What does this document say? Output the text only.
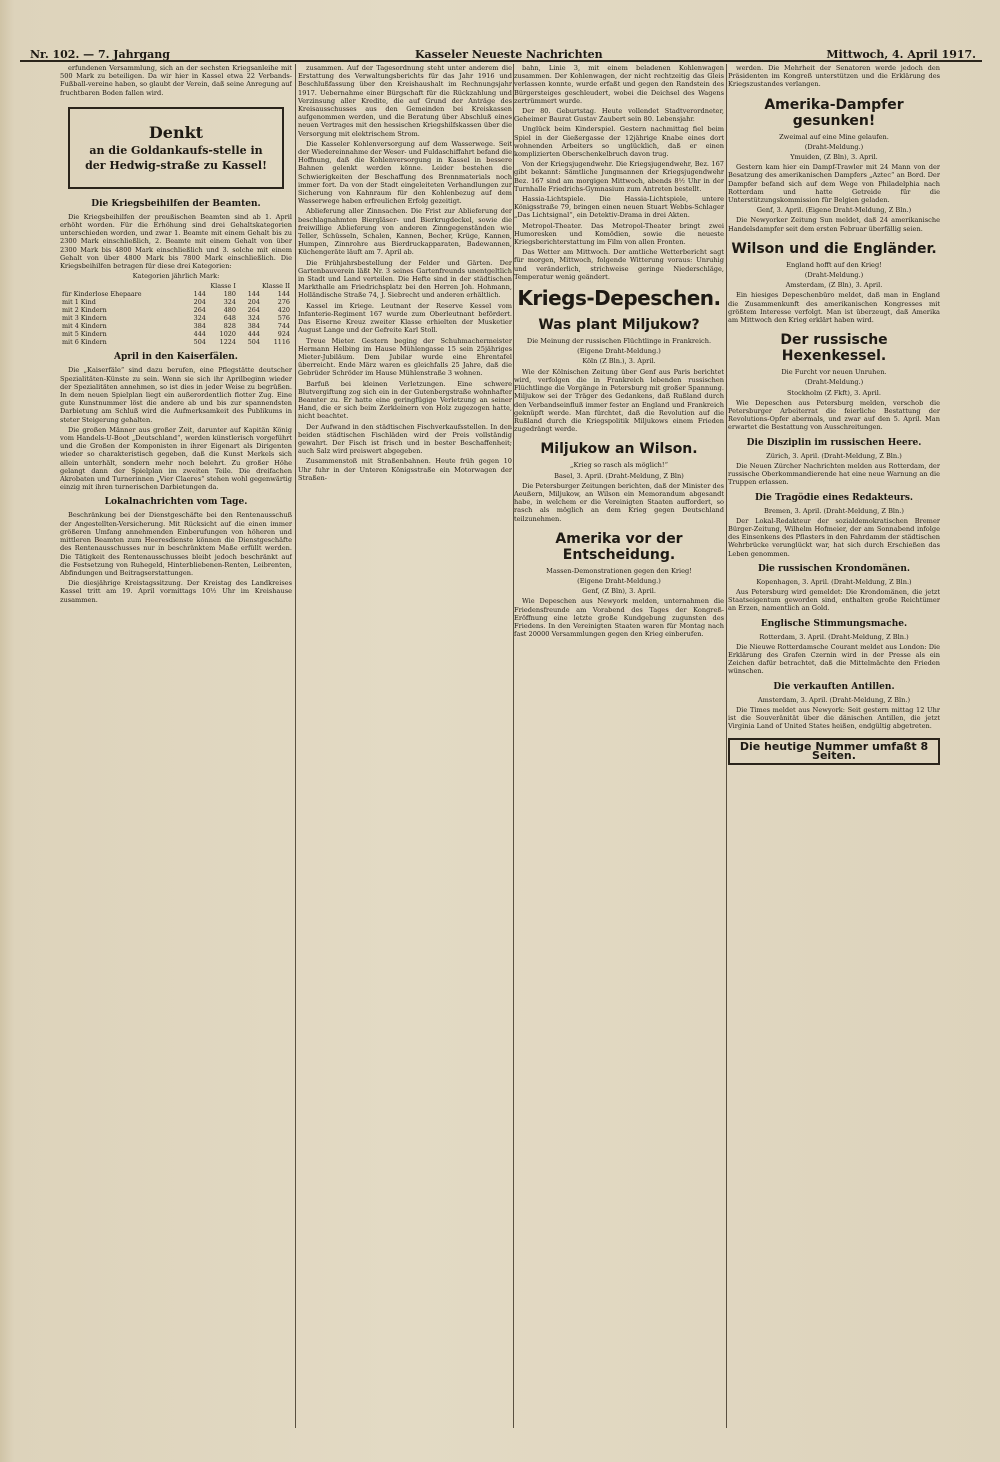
Nr. 102. — 7. Jahrgang	Kasseler Neueste Nachrichten	Mittwoch, 4. April 1917.

erfundenen Versammlung, sich an der sechsten Kriegsanleihe mit 500 Mark zu beteiligen. Da wir hier in Kassel etwa 22 Verbands-Fußball-vereine haben, so glaubt der Verein, daß seine Anregung auf fruchtbaren Boden fallen wird.

Denkt
an die Goldankaufs-stelle in der Hedwig-straße zu Kassel!
Die Kriegsbeihilfen der Beamten.

Die Kriegsbeihilfen der preußischen Beamten sind ab 1. April erhöht worden. Für die Erhöhung sind drei Gehaltskategorien unterschieden worden, und zwar 1. Beamte mit einem Gehalt bis zu 2300 Mark einschließlich, 2. Beamte mit einem Gehalt von über 2300 Mark bis 4800 Mark einschließlich und 3. solche mit einem Gehalt von über 4800 Mark bis 7800 Mark einschließlich. Die Kriegsbeihilfen betragen für diese drei Kategorien:

Kategorien jährlich Mark:
	Klasse I		Klasse II	
für Kinderlose Ehepaare	144	180	144	144
mit 1 Kind	204	324	204	276
mit 2 Kindern	264	480	264	420
mit 3 Kindern	324	648	324	576
mit 4 Kindern	384	828	384	744
mit 5 Kindern	444	1020	444	924
mit 6 Kindern	504	1224	504	1116
April in den Kaiserfälen.

Die „Kaiserfäle“ sind dazu berufen, eine Pflegstätte deutscher Spezialitäten-Künste zu sein. Wenn sie sich ihr Aprilbeginn wieder der Spezialitäten annehmen, so ist dies in jeder Weise zu begrüßen. In dem neuen Spielplan liegt ein außerordentlich flotter Zug. Eine gute Kunstnummer löst die andere ab und bis zur spannendsten Darbietung am Schluß wird die Aufmerksamkeit des Publikums in steter Steigerung gehalten.

Die großen Männer aus großer Zeit, darunter auf Kapitän König vom Handels-U-Boot „Deutschland“, werden künstlerisch vorgeführt und die Großen der Komponisten in ihrer Eigenart als Dirigenten wieder so charakteristisch gegeben, daß die Kunst Merkels sich allein unterhält, sondern mehr noch belehrt. Zu großer Höhe gelangt dann der Spielplan im zweiten Teile. Die dreifachen Akrobaten und Turnerinnen „Vier Claeres“ stehen wohl gegenwärtig einzig mit ihren turnerischen Darbietungen da.

Lokalnachrichten vom Tage.

Beschränkung bei der Dienstgeschäfte bei den Rentenausschuß der Angestellten-Versicherung. Mit Rücksicht auf die einen immer größeren Umfang annehmenden Einberufungen von höheren und mittleren Beamten zum Heeresdienste können die Dienstgeschäfte des Rentenausschusses nur in beschränktem Maße erfüllt werden. Die Tätigkeit des Rentenausschusses bleibt jedoch beschränkt auf die Festsetzung von Ruhegeld, Hinterbliebenen-Renten, Leibrenten, Abfindungen und Beitragserstattungen.

Die diesjährige Kreistagssitzung. Der Kreistag des Landkreises Kassel tritt am 19. April vormittags 10½ Uhr im Kreishause zusammen.

zusammen. Auf der Tagesordnung steht unter anderem die Erstattung des Verwaltungsberichts für das Jahr 1916 und Beschlußfassung über den Kreishaushalt im Rechnungsjahr 1917. Uebernahme einer Bürgschaft für die Rückzahlung und Verzinsung aller Kredite, die auf Grund der Anträge des Kreisausschusses aus den Gemeinden bei Kreiskassen aufgenommen werden, und die Beratung über Abschluß eines neuen Vertrages mit den hessischen Kriegshilfskassen über die Versorgung mit elektrischem Strom.

Die Kasseler Kohlenversorgung auf dem Wasserwege. Seit der Wiedereinnahme der Weser- und Fuldaschiffahrt befand die Hoffnung, daß die Kohlenversorgung in Kassel in bessere Bahnen gelenkt werden könne. Leider bestehen die Schwierigkeiten der Beschaffung des Brennmaterials noch immer fort. Da von der Stadt eingeleiteten Verhandlungen zur Sicherung von Kahnraum für den Kohlenbezug auf dem Wasserwege haben erfreulichen Erfolg gezeitigt.

Ablieferung aller Zinnsachen. Die Frist zur Ablieferung der beschlagnahmten Biergläser- und Bierkrugdeckel, sowie die freiwillige Ablieferung von anderen Zinngegenständen wie Teller, Schüsseln, Schalen, Kannen, Becher, Krüge, Kannen, Humpen, Zinnrohre aus Bierdruckapparaten, Badewannen, Küchengeräte läuft am 7. April ab.

Die Frühjahrsbestellung der Felder und Gärten. Der Gartenbauverein läßt Nr. 3 seines Gartenfreunds unentgeltlich in Stadt und Land verteilen. Die Hefte sind in der städtischen Markthalle am Friedrichsplatz bei den Herren Joh. Hohmann, Holländische Straße 74, J. Siebrecht und anderen erhältlich.

Kassel im Kriege. Leutnant der Reserve Kessel vom Infanterie-Regiment 167 wurde zum Oberleutnant befördert. Das Eiserne Kreuz zweiter Klasse erhielten der Musketier August Lange und der Gefreite Karl Stoll.

Treue Mieter. Gestern beging der Schuhmachermeister Hermann Helbing im Hause Mühlengasse 15 sein 25jähriges Mieter-Jubiläum. Dem Jubilar wurde eine Ehrentafel überreicht. Ende März waren es gleichfalls 25 Jahre, daß die Gebrüder Schröder im Hause Mühlenstraße 3 wohnen.

Barfuß bei kleinen Verletzungen. Eine schwere Blutvergiftung zog sich ein in der Gutenbergstraße wohnhafter Beamter zu. Er hatte eine geringfügige Verletzung an seiner Hand, die er sich beim Zerkleinern von Holz zugezogen hatte, nicht beachtet.

Der Aufwand in den städtischen Fischverkaufsstellen. In den beiden städtischen Fischläden wird der Preis vollständig gewahrt. Der Fisch ist frisch und in bester Beschaffenheit; auch Salz wird preiswert abgegeben.

Zusammenstoß mit Straßenbahnen. Heute früh gegen 10 Uhr fuhr in der Unteren Königsstraße ein Motorwagen der Straßen-

bahn, Linie 3, mit einem beladenen Kohlenwagen zusammen. Der Kohlenwagen, der nicht rechtzeitig das Gleis verlassen konnte, wurde erfaßt und gegen den Randstein des Bürgersteiges geschleudert, wobei die Deichsel des Wagens zertrümmert wurde.

Der 80. Geburtstag. Heute vollendet Stadtverordneter, Geheimer Baurat Gustav Zaubert sein 80. Lebensjahr.

Unglück beim Kinderspiel. Gestern nachmittag fiel beim Spiel in der Gießergasse der 12jährige Knabe eines dort wohnenden Arbeiters so unglücklich, daß er einen komplizierten Oberschenkelbruch davon trug.

Von der Kriegsjugendwehr. Die Kriegsjugendwehr, Bez. 167 gibt bekannt: Sämtliche Jungmannen der Kriegsjugendwehr Bez. 167 sind am morgigen Mittwoch, abends 8½ Uhr in der Turnhalle Friedrichs-Gymnasium zum Antreten bestellt.

Hassia-Lichtspiele. Die Hassia-Lichtspiele, untere Königsstraße 79, bringen einen neuen Stuart Webbs-Schlager „Das Lichtsignal“, ein Detektiv-Drama in drei Akten.

Metropol-Theater. Das Metropol-Theater bringt zwei Humoresken und Komödien, sowie die neueste Kriegsberichterstattung im Film von allen Fronten.

Das Wetter am Mittwoch. Der amtliche Wetterbericht sagt für morgen, Mittwoch, folgende Witterung voraus: Unruhig und veränderlich, strichweise geringe Niederschläge, Temperatur wenig geändert.

Kriegs-Depeschen.
Was plant Miljukow?
Die Meinung der russischen Flüchtlinge in Frankreich.
(Eigene Draht-Meldung.)
Köln (Z Bln.), 3. April.

Wie der Kölnischen Zeitung über Genf aus Paris berichtet wird, verfolgen die in Frankreich lebenden russischen Flüchtlinge die Vorgänge in Petersburg mit großer Spannung. Miljukow sei der Träger des Gedankens, daß Rußland durch den Verbandseinfluß immer fester an England und Frankreich geknüpft werde. Man fürchtet, daß die Revolution auf die Rußland durch die Kriegspolitik Miljukows einem Frieden zugedrängt werde.

Miljukow an Wilson.
„Krieg so rasch als möglich!“
Basel, 3. April. (Draht-Meldung, Z Bln)

Die Petersburger Zeitungen berichten, daß der Minister des Aeußern, Miljukow, an Wilson ein Memorandum abgesandt habe, in welchem er die Vereinigten Staaten auffordert, so rasch als möglich an dem Krieg gegen Deutschland teilzunehmen.

Amerika vor der Entscheidung.
Massen-Demonstrationen gegen den Krieg!
(Eigene Draht-Meldung.)
Genf, (Z Bln), 3. April.

Wie Depeschen aus Newyork melden, unternahmen die Friedensfreunde am Vorabend des Tages der Kongreß-Eröffnung eine letzte große Kundgebung zugunsten des Friedens. In den Vereinigten Staaten waren für Montag nach fast 20000 Versammlungen gegen den Krieg einberufen.

werden. Die Mehrheit der Senatoren werde jedoch den Präsidenten im Kongreß unterstützen und die Erklärung des Kriegszustandes verlangen.

Amerika-Dampfer gesunken!
Zweimal auf eine Mine gelaufen.
(Draht-Meldung.)
Ymuiden, (Z Bln), 3. April.

Gestern kam hier ein Dampf-Trawler mit 24 Mann von der Besatzung des amerikanischen Dampfers „Aztec“ an Bord. Der Dampfer befand sich auf dem Wege von Philadelphia nach Rotterdam und hatte Getreide für die Unterstützungskommission für Belgien geladen.

Genf, 3. April. (Eigene Draht-Meldung, Z Bln.)

Die Newyorker Zeitung Sun meldet, daß 24 amerikanische Handelsdampfer seit dem ersten Februar überfällig seien.

Wilson und die Engländer.
England hofft auf den Krieg!
(Draht-Meldung.)
Amsterdam, (Z Bln), 3. April.

Ein hiesiges Depeschenbüro meldet, daß man in England die Zusammenkunft des amerikanischen Kongresses mit größtem Interesse verfolgt. Man ist überzeugt, daß Amerika am Mittwoch den Krieg erklärt haben wird.

Der russische Hexenkessel.
Die Furcht vor neuen Unruhen.
(Draht-Meldung.)
Stockholm (Z Fkft), 3. April.

Wie Depeschen aus Petersburg melden, verschob die Petersburger Arbeiterrat die feierliche Bestattung der Revolutions-Opfer abermals, und zwar auf den 5. April. Man erwartet die Bestattung von Ausschreitungen.

Die Disziplin im russischen Heere.
Zürich, 3. April. (Draht-Meldung, Z Bln.)

Die Neuen Zürcher Nachrichten melden aus Rotterdam, der russische Oberkommandierende hat eine neue Warnung an die Truppen erlassen.

Die Tragödie eines Redakteurs.
Bremen, 3. April. (Draht-Meldung, Z Bln.)

Der Lokal-Redakteur der sozialdemokratischen Bremer Bürger-Zeitung, Wilhelm Hofmeier, der am Sonnabend infolge des Einsenkens des Pflasters in den Fahrdamm der städtischen Wehrbrücke verunglückt war, hat sich durch Erschießen das Leben genommen.

Die russischen Krondomänen.
Kopenhagen, 3. April. (Draht-Meldung, Z Bln.)

Aus Petersburg wird gemeldet: Die Krondomänen, die jetzt Staatseigentum geworden sind, enthalten große Reichtümer an Erzen, namentlich an Gold.

Englische Stimmungsmache.
Rotterdam, 3. April. (Draht-Meldung, Z Bln.)

Die Nieuwe Rotterdamsche Courant meldet aus London: Die Erklärung des Grafen Czernin wird in der Presse als ein Zeichen dafür betrachtet, daß die Mittelmächte den Frieden wünschen.

Die verkauften Antillen.
Amsterdam, 3. April. (Draht-Meldung, Z Bln.)

Die Times meldet aus Newyork: Seit gestern mittag 12 Uhr ist die Souveränität über die dänischen Antillen, die jetzt Virginia Land of United States heißen, endgültig abgetreten.

Die heutige Nummer umfaßt 8 Seiten.
